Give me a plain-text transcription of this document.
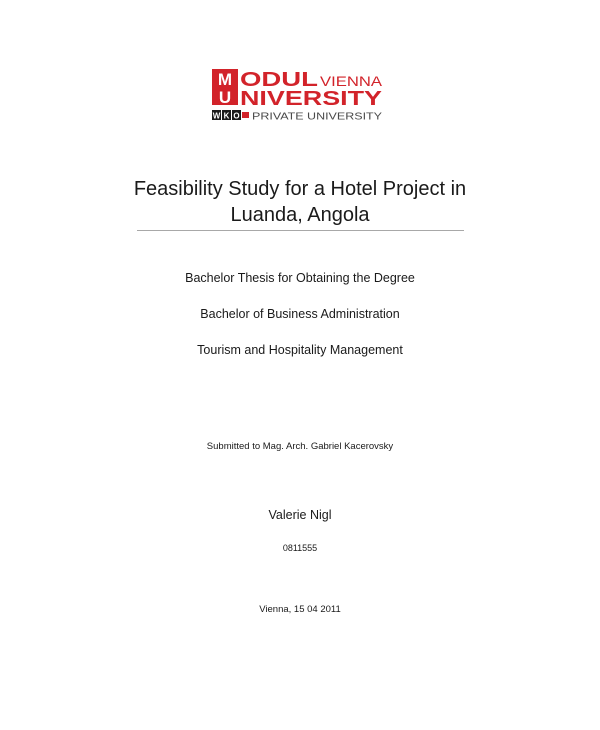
M
U
ODUL VIENNA
NIVERSITY
W K O PRIVATE UNIVERSITY
Feasibility Study for a Hotel Project in
Luanda, Angola
Bachelor Thesis for Obtaining the Degree
Bachelor of Business Administration
Tourism and Hospitality Management
Submitted to Mag. Arch. Gabriel Kacerovsky
Valerie Nigl
0811555
Vienna, 15 04 2011
